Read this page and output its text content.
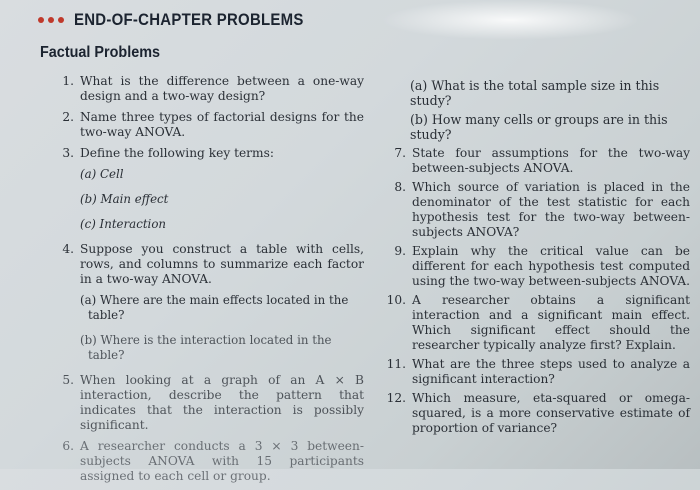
END-OF-CHAPTER PROBLEMS
Factual Problems
1. What is the difference between a one-way design and a two-way design?
2. Name three types of factorial designs for the two-way ANOVA.
3. Define the following key terms:
(a) Cell
(b) Main effect
(c) Interaction
4. Suppose you construct a table with cells, rows, and columns to summarize each factor in a two-way ANOVA.
(a) Where are the main effects located in the table?
(b) Where is the interaction located in the table?
5. When looking at a graph of an A × B interaction, describe the pattern that indicates that the interaction is possibly significant.
6. A researcher conducts a 3 × 3 between-subjects ANOVA with 15 participants assigned to each cell or group.
(a) What is the total sample size in this study?
(b) How many cells or groups are in this study?
7. State four assumptions for the two-way between-subjects ANOVA.
8. Which source of variation is placed in the denominator of the test statistic for each hypothesis test for the two-way between-subjects ANOVA?
9. Explain why the critical value can be different for each hypothesis test computed using the two-way between-subjects ANOVA.
10. A researcher obtains a significant interaction and a significant main effect. Which significant effect should the researcher typically analyze first? Explain.
11. What are the three steps used to analyze a significant interaction?
12. Which measure, eta-squared or omega-squared, is a more conservative estimate of proportion of variance?
